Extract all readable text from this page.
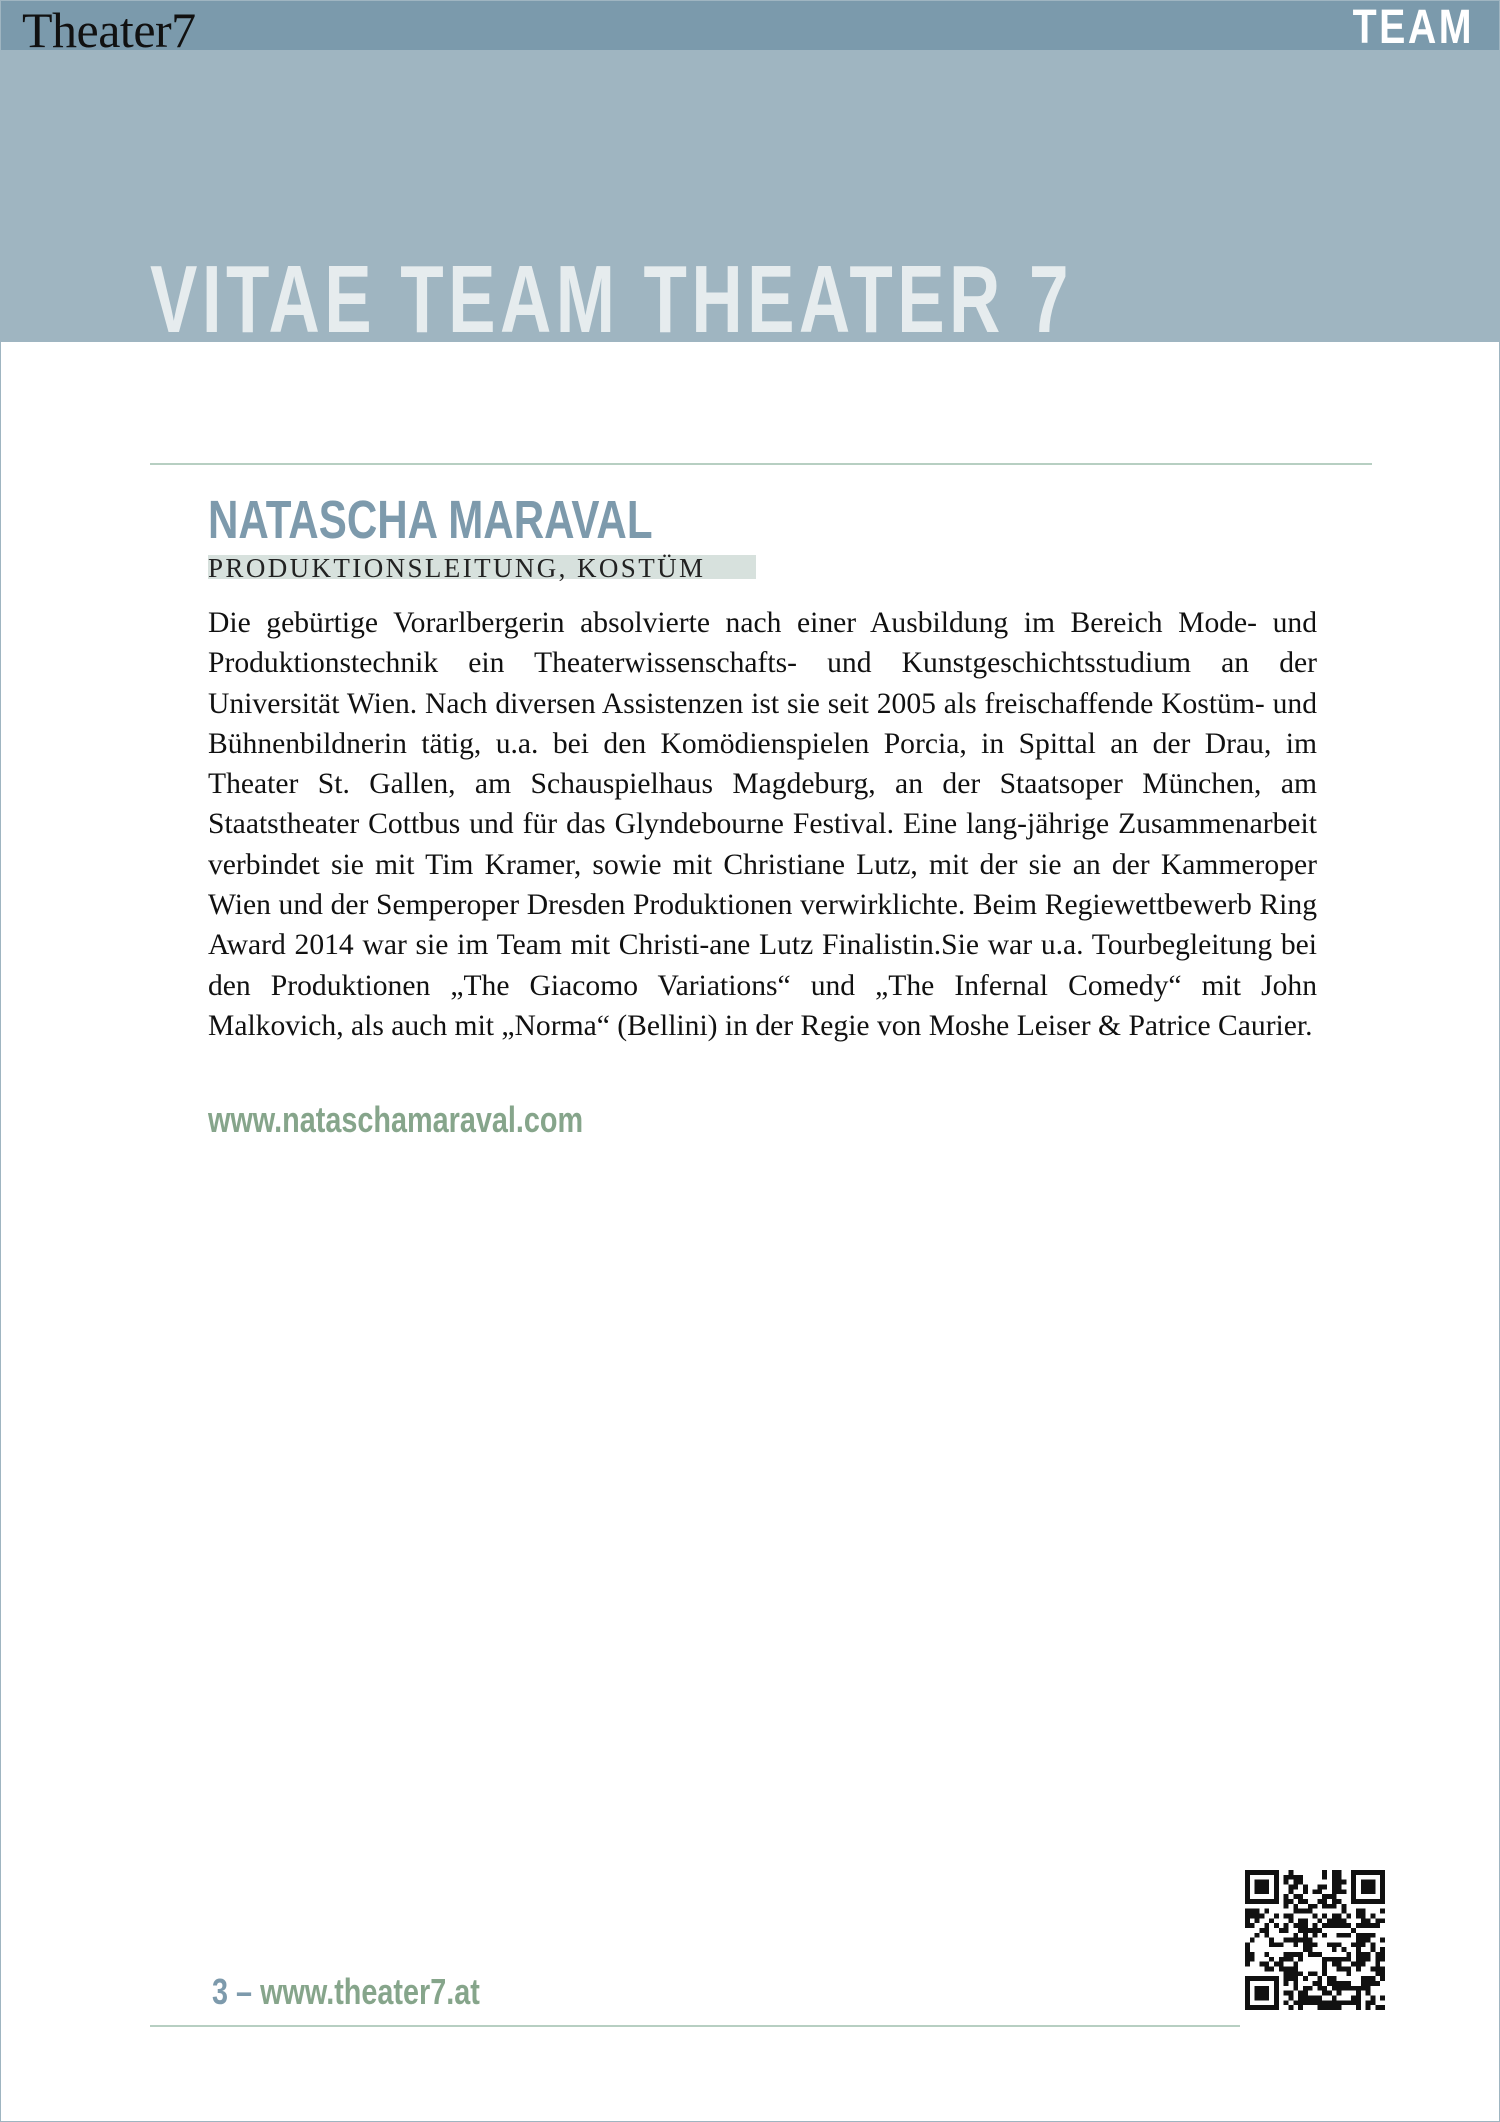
Theater7	TEAM
VITAE TEAM THEATER 7
NATASCHA MARAVAL
PRODUKTIONSLEITUNG, KOSTÜM
Die gebürtige Vorarlbergerin absolvierte nach einer Ausbildung im Bereich Mode- und Produktionstechnik ein Theaterwissenschafts- und Kunstgeschichtsstudium an der Universität Wien. Nach diversen Assistenzen ist sie seit 2005 als freischaffende Kostüm- und Bühnenbildnerin tätig, u.a. bei den Komödienspielen Porcia, in Spittal an der Drau, im Theater St. Gallen, am Schauspielhaus Magdeburg, an der Staatsoper München, am Staatstheater Cottbus und für das Glyndebourne Festival. Eine lang-jährige Zusammenarbeit verbindet sie mit Tim Kramer, sowie mit Christiane Lutz, mit der sie an der Kammeroper Wien und der Semperoper Dresden Produktionen verwirklichte. Beim Regiewettbewerb Ring Award 2014 war sie im Team mit Christi-ane Lutz Finalistin.Sie war u.a. Tourbegleitung bei den Produktionen „The Giacomo Variations“ und „The Infernal Comedy“ mit John Malkovich, als auch mit „Norma“ (Bellini) in der Regie von Moshe Leiser & Patrice Caurier.
www.nataschamaraval.com
3 – www.theater7.at
